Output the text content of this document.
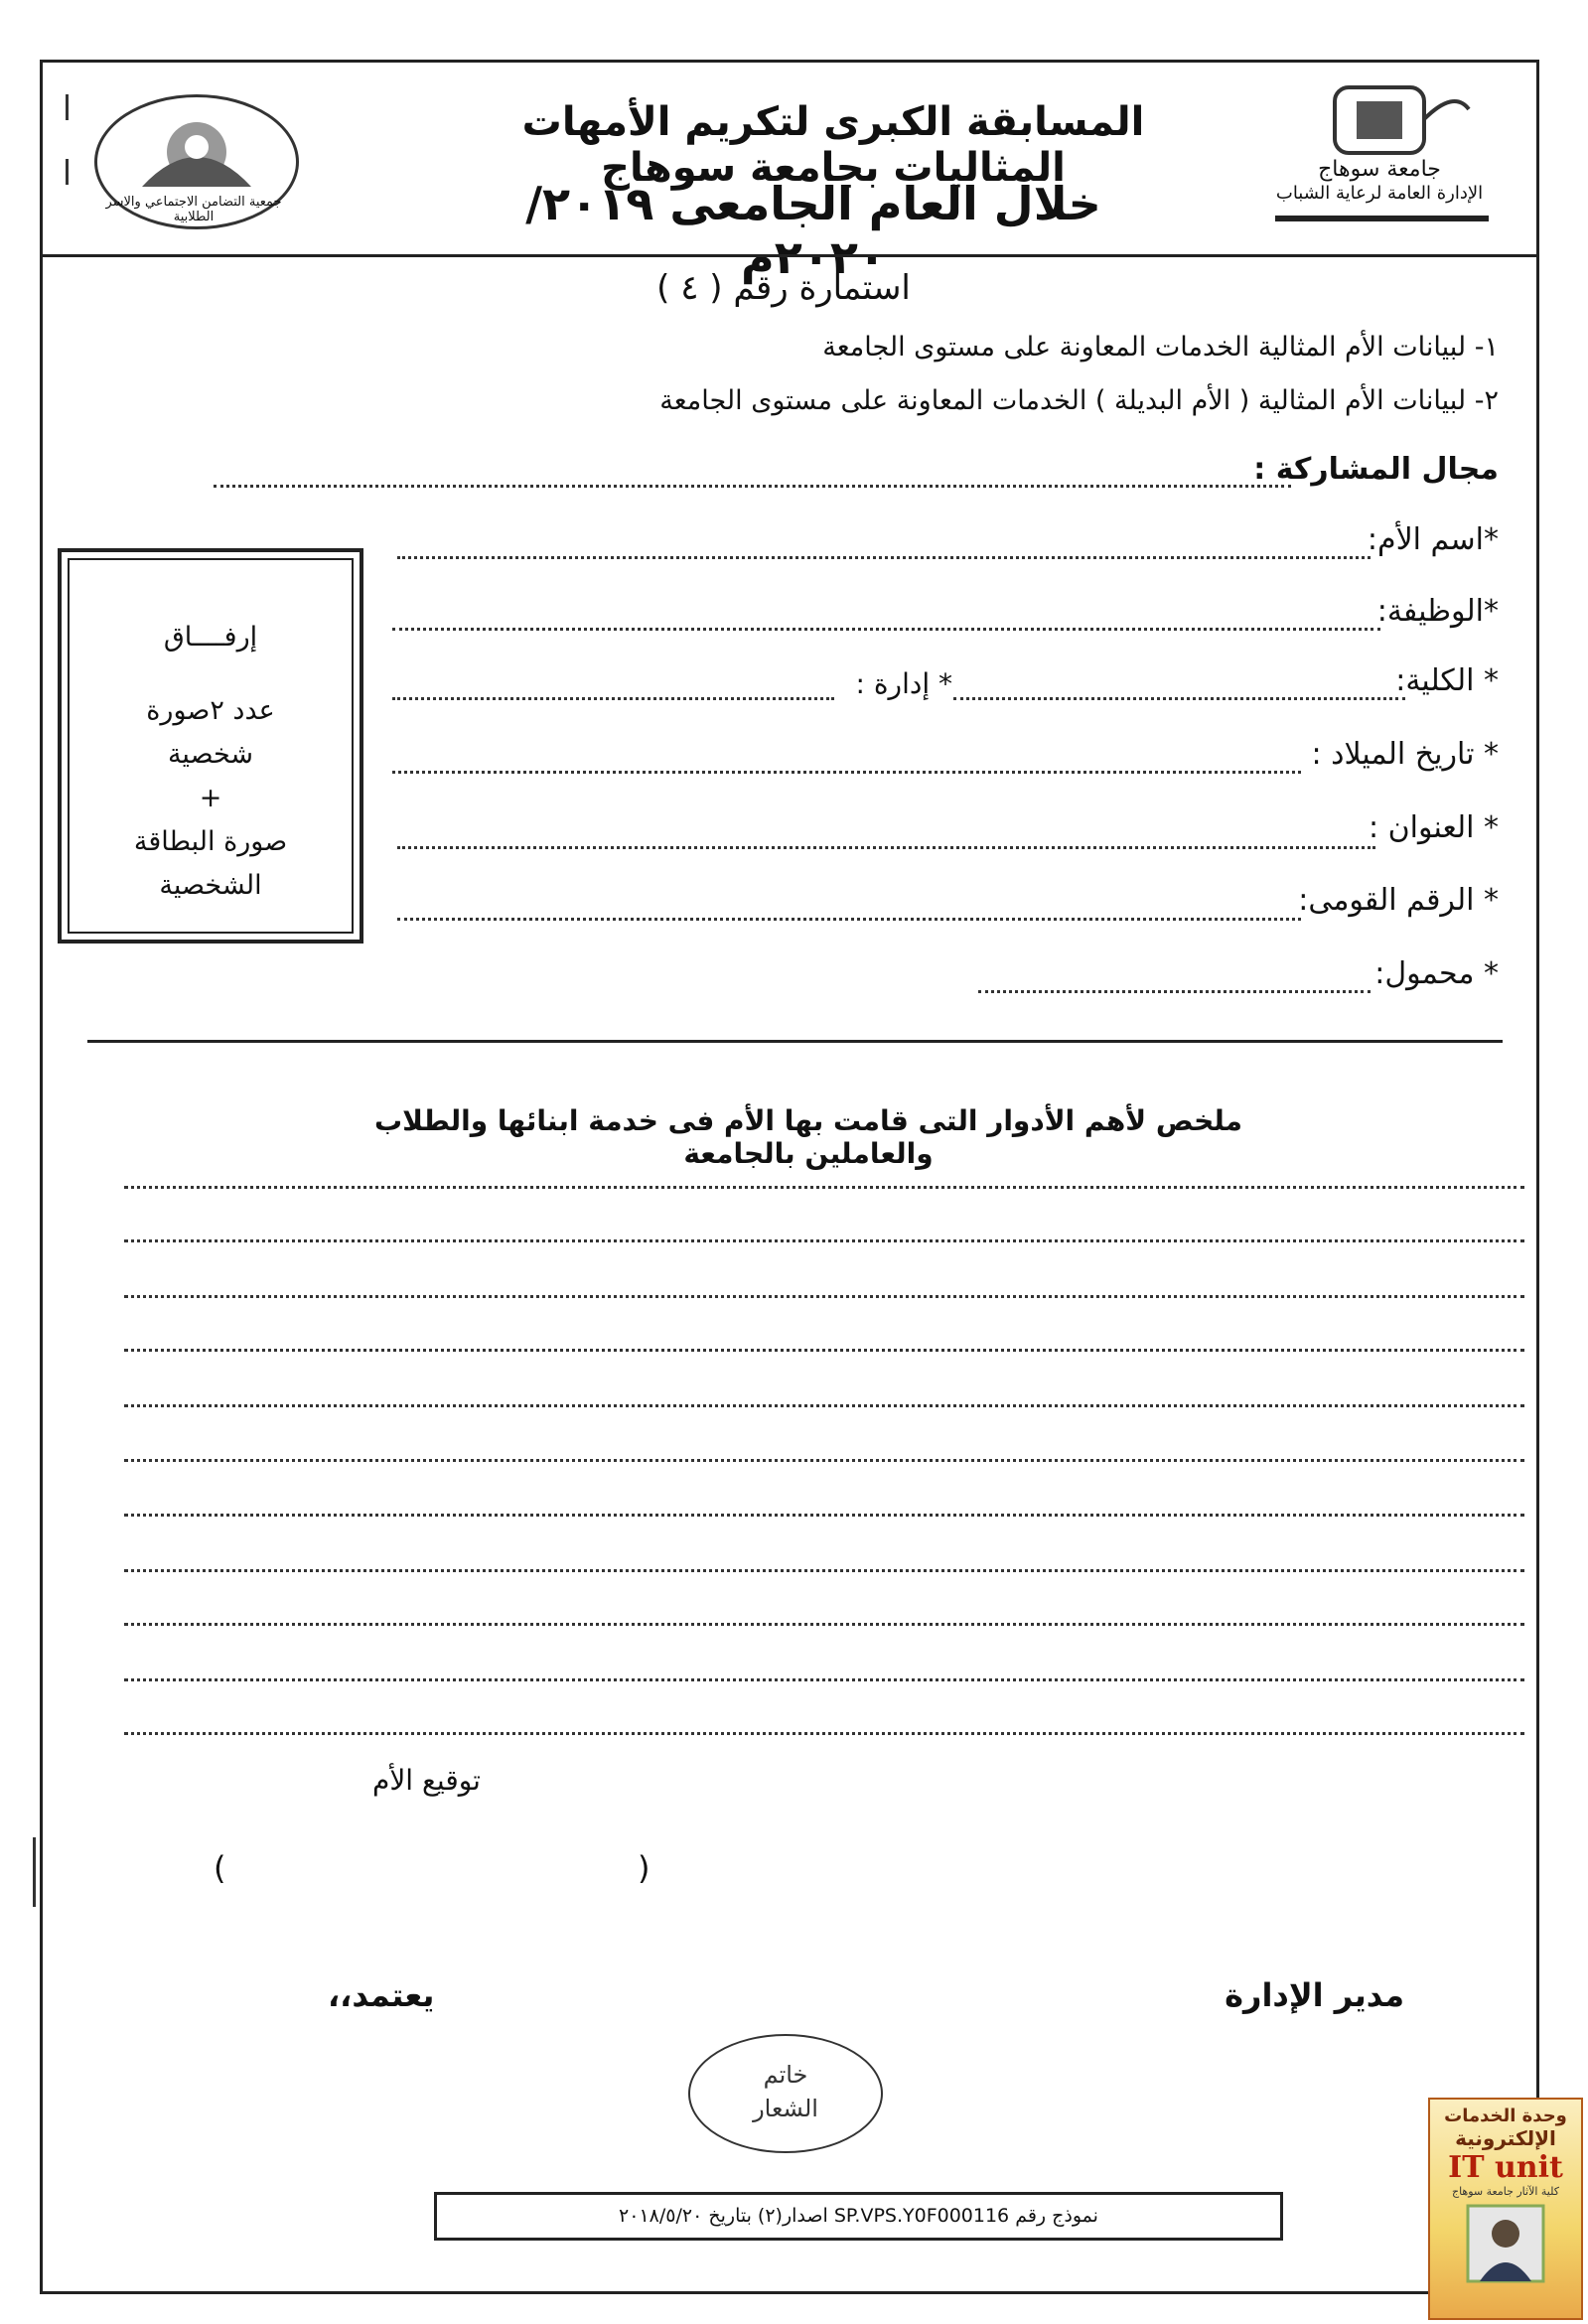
جامعة سوهاج
الإدارة العامة لرعاية الشباب
جمعية التضامن الاجتماعي والاسر الطلابية
المسابقة الكبرى لتكريم الأمهات المثاليات بجامعة سوهاج
خلال العام الجامعى ٢٠١٩/ ٢٠٢٠م
استمارة رقم ( ٤ )
١- لبيانات الأم المثالية الخدمات المعاونة على مستوى الجامعة
٢- لبيانات الأم المثالية ( الأم البديلة ) الخدمات المعاونة على مستوى الجامعة
مجال المشاركة :
*اسم الأم:
*الوظيفة:
* الكلية:
* إدارة :
* تاريخ الميلاد :
* العنوان :
* الرقم القومى:
* محمول:
إرفــــاق
عدد ٢صورة
شخصية
+
صورة البطاقة
الشخصية
ملخص لأهم الأدوار التى قامت بها الأم فى خدمة ابنائها والطلاب والعاملين بالجامعة
توقيع الأم
(	)
مدير الإدارة
يعتمد،،
خاتم
الشعار
نموذج رقم SP.VPS.Y0F000116 اصدار(٢) بتاريخ ٢٠١٨/٥/٢٠
وحدة الخدمات
الإلكترونية
IT unit
كلية الآثار جامعة سوهاج
